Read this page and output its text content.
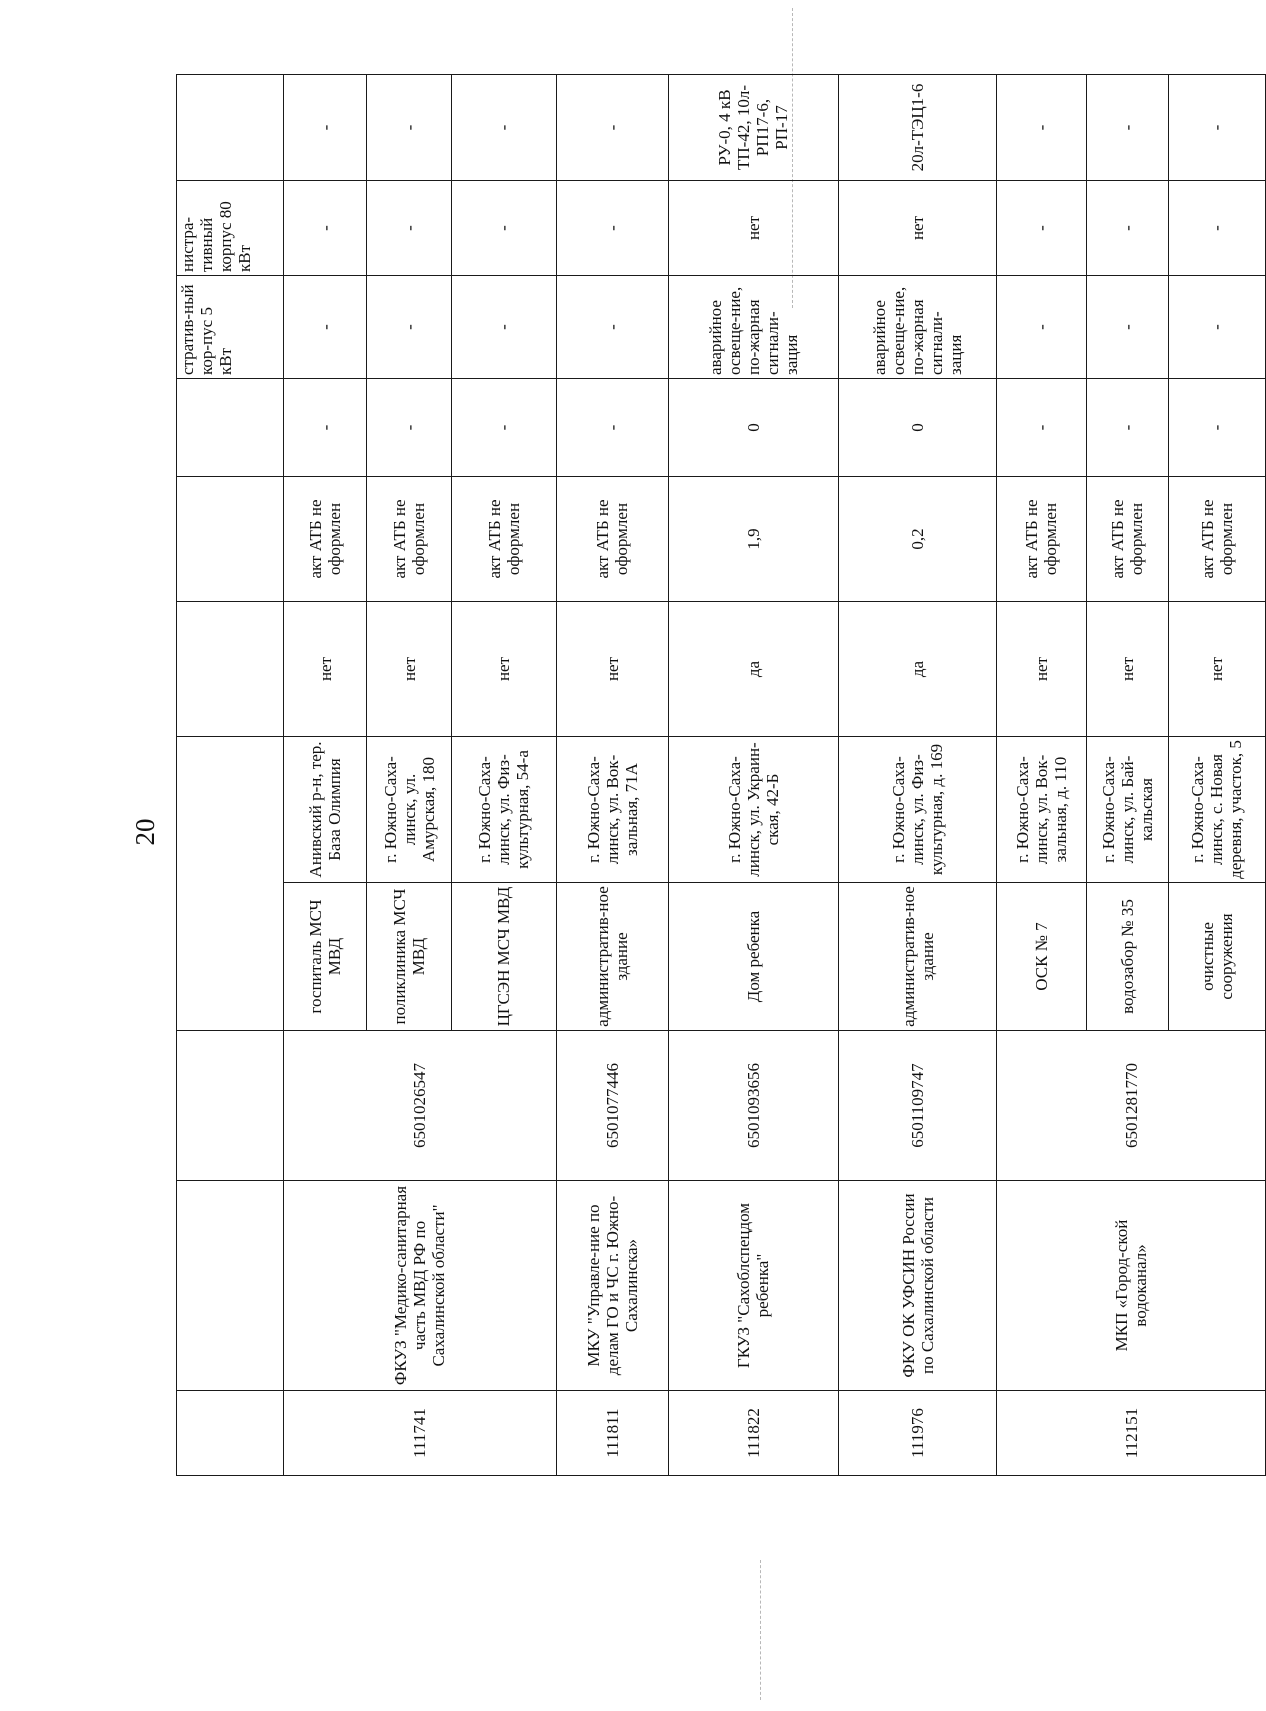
20
								стратив-ный кор-пус 5 кВт	нистра-тивный корпус 80 кВт	
111741	ФКУЗ "Медико-санитарная часть МВД РФ по Сахалинской области"	6501026547	госпиталь МСЧ МВД	Анивский р-н, тер. База Олимпия	нет	акт АТБ не оформлен	-	-	-	-
			поликлиника МСЧ МВД	г. Южно-Саха-линск, ул. Амурская, 180	нет	акт АТБ не оформлен	-	-	-	-
			ЦГСЭН МСЧ МВД	г. Южно-Саха-линск, ул. Физ-культурная, 54-а	нет	акт АТБ не оформлен	-	-	-	-
111811	МКУ "Управле-ние по делам ГО и ЧС г. Южно-Сахалинска»	6501077446	административ-ное здание	г. Южно-Саха-линск, ул. Вок-зальная, 71А	нет	акт АТБ не оформлен	-	-	-	-
111822	ГКУЗ "Сахоблспецдом ребенка"	6501093656	Дом ребенка	г. Южно-Саха-линск, ул. Украин-ская, 42-Б	да	1,9	0	аварийное освеще-ние, по-жарная сигнали-зация	нет	РУ-0, 4 кВ ТП-42, 10л-РП17-6, РП-17
111976	ФКУ ОК УФСИН России по Сахалинской области	6501109747	административ-ное здание	г. Южно-Саха-линск, ул. Физ-культурная, д. 169	да	0,2	0	аварийное освеще-ние, по-жарная сигнали-зация	нет	20л-ТЭЦ1-6
112151	МКП «Город-ской водоканал»	6501281770	ОСК № 7	г. Южно-Саха-линск, ул. Вок-зальная, д. 110	нет	акт АТБ не оформлен	-	-	-	-
			водозабор № 35	г. Южно-Саха-линск, ул. Бай-кальская	нет	акт АТБ не оформлен	-	-	-	-
			очистные сооружения	г. Южно-Саха-линск, с. Новая деревня, участок, 5	нет	акт АТБ не оформлен	-	-	-	-
